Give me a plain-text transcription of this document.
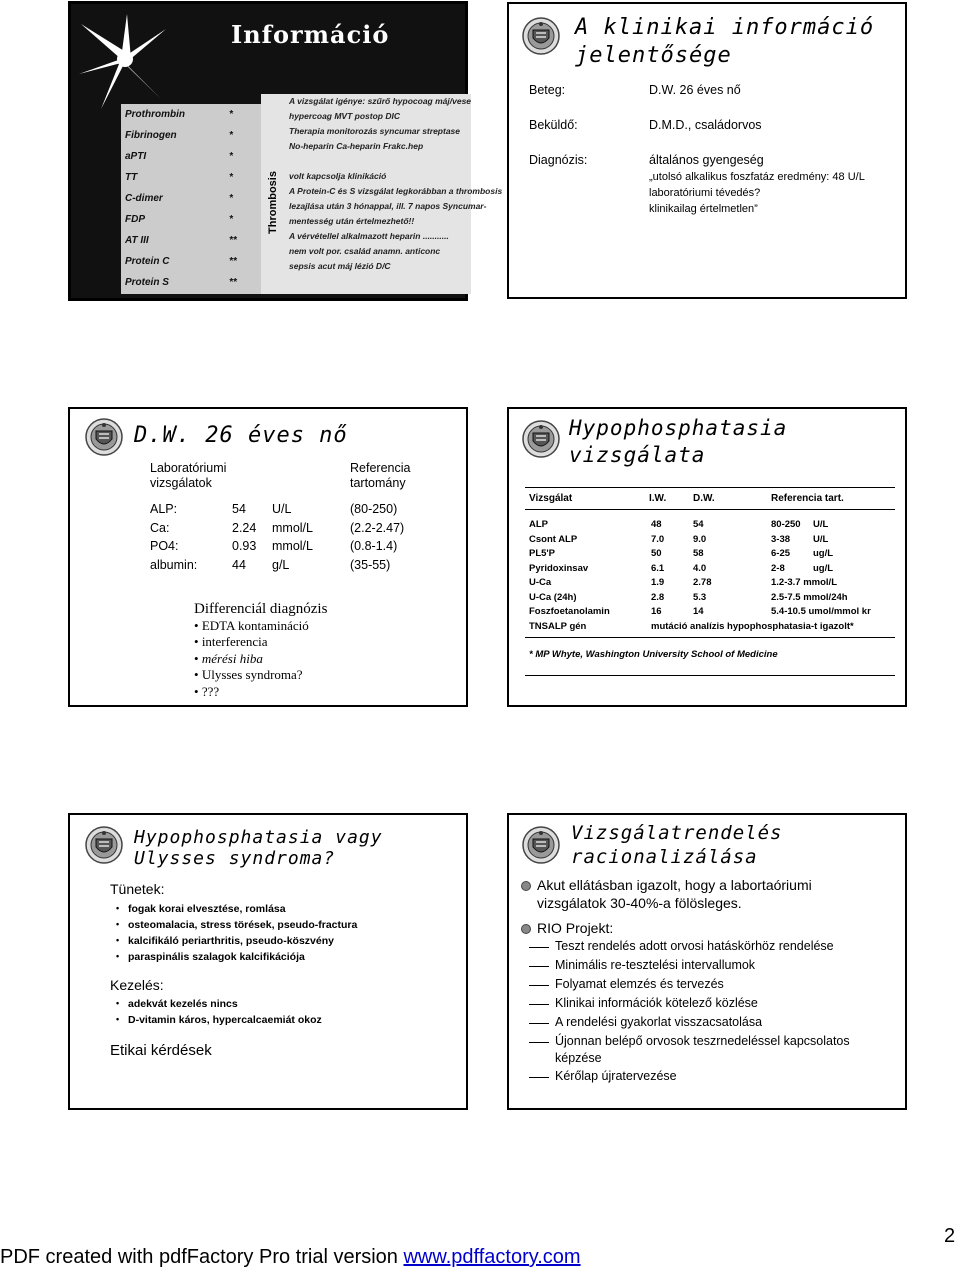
Információ
Prothrombin	*
Fibrinogen	*
aPTI	*
TT	*
C-dimer	*
FDP	*
AT III	**
Protein C	**
Protein S	**
A vizsgálat igénye: szűrő hypocoag máj/vese
hypercoag MVT postop DIC
Therapia monitorozás syncumar streptase
No-heparin Ca-heparin Frakc.hep
volt kapcsolja klinikáció
A Protein-C és S vizsgálat legkorábban a thrombosis
lezajlása után 3 hónappal, ill. 7 napos Syncumar-
mentesség után értelmezhető!!
A vérvétellel alkalmazott heparin ...........
nem volt por. család anamn. anticonc
sepsis acut máj lézió D/C
Thrombosis
A klinikai információ
jelentősége
Beteg:	D.W. 26 éves nő
Beküldő:	D.M.D., családorvos
Diagnózis:	általános gyengeség
„utolsó alkalikus foszfatáz eredmény: 48 U/L
laboratóriumi tévedés?
klinikailag értelmetlen”
D.W. 26 éves nő
Laboratóriumi
vizsgálatok
Referencia
tartomány
ALP:	54 U/L	(80-250)
Ca:	2.24 mmol/L	(2.2-2.47)
PO4:	0.93 mmol/L	(0.8-1.4)
albumin:	44 g/L	(35-55)
Differenciál diagnózis
• EDTA kontamináció
• interferencia
• mérési hiba
• Ulysses syndroma?
• ???
Hypophosphatasia
vizsgálata
Vizsgálat	I.W.	D.W.	Referencia tart.
ALP	48	54	80-250 U/L
Csont ALP	7.0	9.0	3-38 U/L
PL5'P	50	58	6-25 ug/L
Pyridoxinsav	6.1	4.0	2-8	ug/L
U-Ca	1.9	2.78	1.2-3.7 mmol/L
U-Ca (24h)	2.8	5.3	2.5-7.5 mmol/24h
Foszfoetanolamin	16	14	5.4-10.5 umol/mmol kr
TNSALP gén	mutáció analízis hypophosphatasia-t igazolt*
* MP Whyte, Washington University School of Medicine
Hypophosphatasia vagy
Ulysses syndroma?
Tünetek:
• fogak korai elvesztése, romlása
• osteomalacia, stress törések, pseudo-fractura
• kalcifikáló periarthritis, pseudo-köszvény
• paraspinális szalagok kalcifikációja
Kezelés:
• adekvát kezelés nincs
• D-vitamin káros, hypercalcaemiát okoz
Etikai kérdések
Vizsgálatrendelés
racionalizálása
Akut ellátásban igazolt, hogy a labortaóriumi
vizsgálatok 30-40%-a fölösleges.
RIO Projekt:
Teszt rendelés adott orvosi hatáskörhöz rendelése
Minimális re-tesztelési intervallumok
Folyamat elemzés és tervezés
Klinikai információk kötelező közlése
A rendelési gyakorlat visszacsatolása
Újonnan belépő orvosok teszrnedeléssel kapcsolatos
képzése
Kérőlap újratervezése
2
PDF created with pdfFactory Pro trial version www.pdffactory.com
